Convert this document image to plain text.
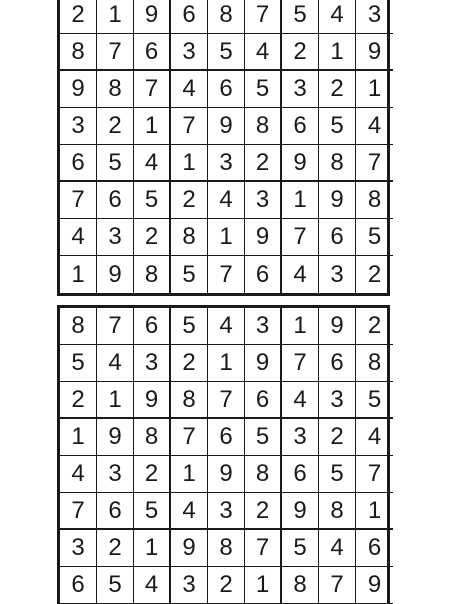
2 1 9	6 8 7	5 4	3
8 7 6	3 5 4	2 1	9
9 8 7	4 6 5	3 2	1
3 2 1	7 9 8	6 5	4
6 5 4	1 3 2	9 8	7
7 6 5	2 4 3	1 9	8
4 3 2	8 1 9	7 6	5
1 9 8	5 7 6	4 3	2
8 7 6	5 4 3	1 9	2
5 4 3	2 1 9	7 6	8
2 1 9	8 7 6	4 3	5
1 9 8	7 6 5	3 2	4
4 3 2	1 9 8	6 5	7
7 6 5	4 3 2	9 8	1
3 2 1	9 8 7	5 4	6
6 5 4	3 2 1	8 7	9
